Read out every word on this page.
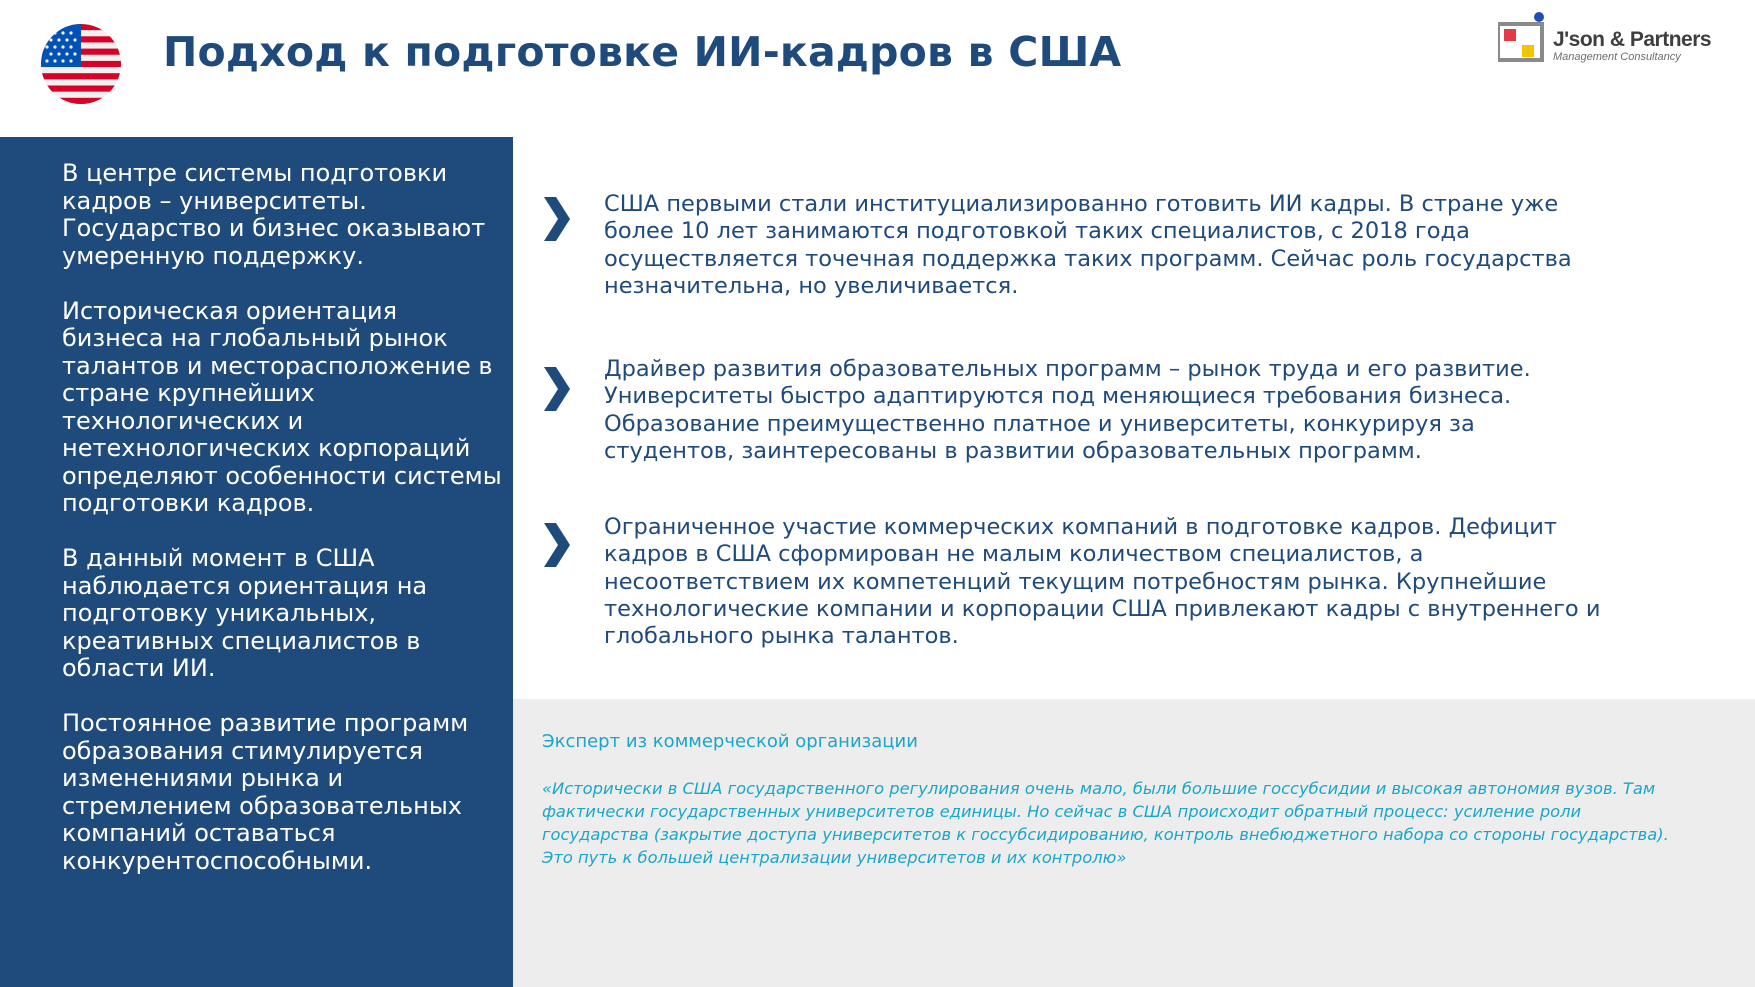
Подход к подготовке ИИ-кадров в США	J'son & Partners
Management Consultancy

В центре системы подготовки кадров – университеты. Государство и бизнес оказывают умеренную поддержку.

Историческая ориентация бизнеса на глобальный рынок талантов и месторасположение в стране крупнейших технологических и нетехнологических корпораций определяют особенности системы подготовки кадров.

В данный момент в США наблюдается ориентация на подготовку уникальных, креативных специалистов в области ИИ.

Постоянное развитие программ образования стимулируется изменениями рынка и стремлением образовательных компаний оставаться конкурентоспособными.

США первыми стали институциализированно готовить ИИ кадры. В стране уже более 10 лет занимаются подготовкой таких специалистов, с 2018 года осуществляется точечная поддержка таких программ. Сейчас роль государства незначительна, но увеличивается.
Драйвер развития образовательных программ – рынок труда и его развитие. Университеты быстро адаптируются под меняющиеся требования бизнеса. Образование преимущественно платное и университеты, конкурируя за студентов, заинтересованы в развитии образовательных программ.
Ограниченное участие коммерческих компаний в подготовке кадров. Дефицит кадров в США сформирован не малым количеством специалистов, а несоответствием их компетенций текущим потребностям рынка. Крупнейшие технологические компании и корпорации США привлекают кадры с внутреннего и глобального рынка талантов.
Эксперт из коммерческой организации
«Исторически в США государственного регулирования очень мало, были большие госсубсидии и высокая автономия вузов. Там фактически государственных университетов единицы. Но сейчас в США происходит обратный процесс: усиление роли государства (закрытие доступа университетов к госсубсидированию, контроль внебюджетного набора со стороны государства). Это путь к большей централизации университетов и их контролю»
